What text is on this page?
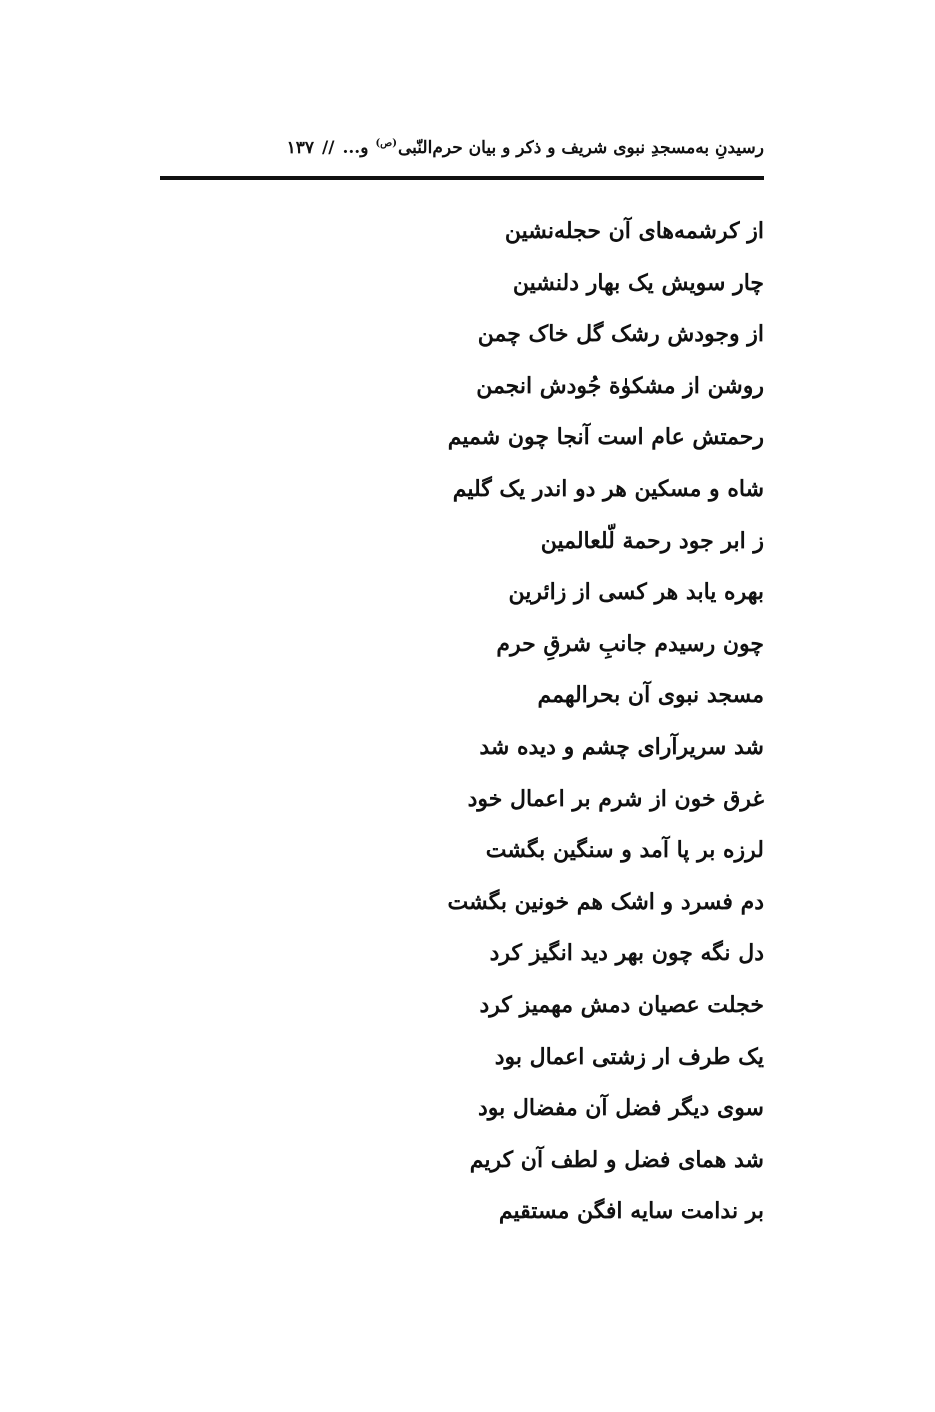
رسیدنِ به‌مسجدِ نبوی شریف و ذکر و بیان حرم‌النّبی$^{(ص)}$
و...
//
۱۳۷
از کرشمه‌های آن حجله‌نشین
چار سویش یک بهار دلنشین
از وجودش رشک گل خاک چمن
روشن از مشکوٰة جُودش انجمن
رحمتش عام است آنجا چون شمیم
شاه و مسکین هر دو اندر یک گلیم
ز ابر جود رحمة لّلعالمین
بهره یابد هر کسی از زائرین
چون رسیدم جانبِ شرقِ حرم
مسجد نبوی آن بحرالهمم
شد سریرآرای چشم و دیده شد
غرق خون از شرم بر اعمال خود
لرزه بر پا آمد و سنگین بگشت
دم فسرد و اشک هم خونین بگشت
دل نگه چون بهر دید انگیز کرد
خجلت عصیان دمش مهمیز کرد
یک طرف ار زشتی اعمال بود
سوی دیگر فضل آن مفضال بود
شد همای فضل و لطف آن کریم
بر ندامت سایه افگن مستقیم
